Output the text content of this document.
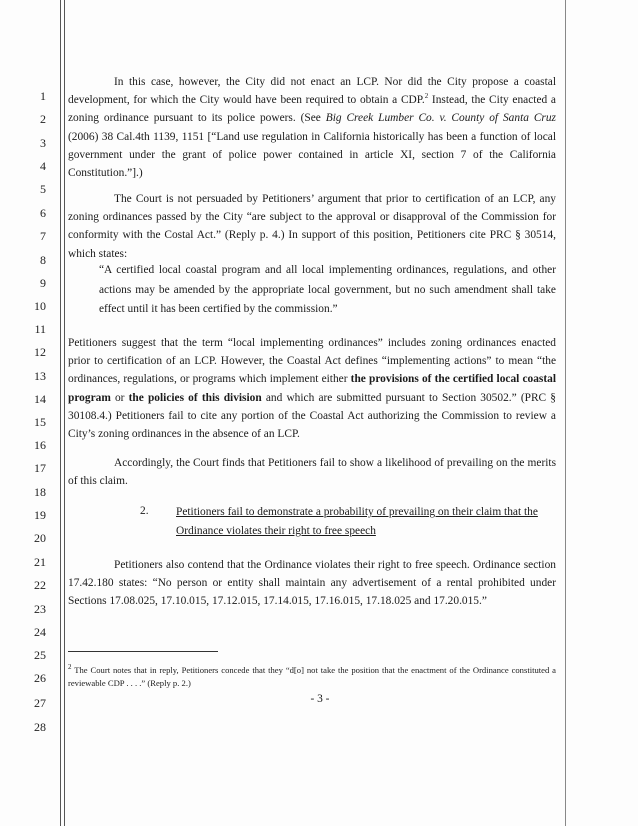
1
2
3
4
5
6
7
8
9
10
11
12
13
14
15
16
17
18
19
20
21
22
23
24
25
26
27
28

In this case, however, the City did not enact an LCP. Nor did the City propose a coastal development, for which the City would have been required to obtain a CDP.$^2$ Instead, the City enacted a zoning ordinance pursuant to its police powers. (See Big Creek Lumber Co. v. County of Santa Cruz (2006) 38 Cal.4th 1139, 1151 [“Land use regulation in California historically has been a function of local government under the grant of police power contained in article XI, section 7 of the California Constitution.”].)

The Court is not persuaded by Petitioners’ argument that prior to certification of an LCP, any zoning ordinances passed by the City “are subject to the approval or disapproval of the Commission for conformity with the Costal Act.” (Reply p. 4.) In support of this position, Petitioners cite PRC § 30514, which states:

“A certified local coastal program and all local implementing ordinances, regulations, and other actions may be amended by the appropriate local government, but no such amendment shall take effect until it has been certified by the commission.”

Petitioners suggest that the term “local implementing ordinances” includes zoning ordinances enacted prior to certification of an LCP. However, the Coastal Act defines “implementing actions” to mean “the ordinances, regulations, or programs which implement either the provisions of the certified local coastal program or the policies of this division and which are submitted pursuant to Section 30502.” (PRC § 30108.4.) Petitioners fail to cite any portion of the Coastal Act authorizing the Commission to review a City’s zoning ordinances in the absence of an LCP.

Accordingly, the Court finds that Petitioners fail to show a likelihood of prevailing on the merits of this claim.

2. Petitioners fail to demonstrate a probability of prevailing on their claim that the Ordinance violates their right to free speech

Petitioners also contend that the Ordinance violates their right to free speech. Ordinance section 17.42.180 states: “No person or entity shall maintain any advertisement of a rental prohibited under Sections 17.08.025, 17.10.015, 17.12.015, 17.14.015, 17.16.015, 17.18.025 and 17.20.015.”

$^2$ The Court notes that in reply, Petitioners concede that they “d[o] not take the position that the enactment of the Ordinance constituted a reviewable CDP . . . .” (Reply p. 2.)

- 3 -
